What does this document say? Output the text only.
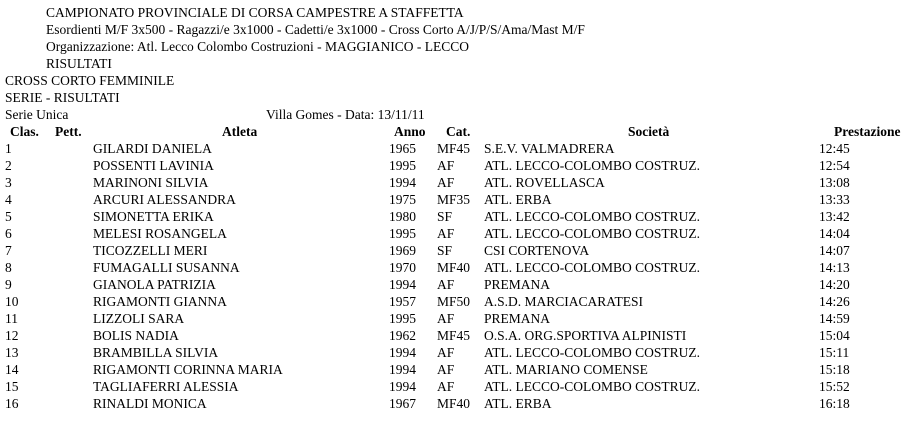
CAMPIONATO PROVINCIALE DI CORSA CAMPESTRE A STAFFETTA
Esordienti M/F 3x500 - Ragazzi/e 3x1000 - Cadetti/e 3x1000 - Cross Corto A/J/P/S/Ama/Mast M/F
Organizzazione: Atl. Lecco Colombo Costruzioni - MAGGIANICO - LECCO
RISULTATI
CROSS CORTO FEMMINILE
SERIE - RISULTATI
Serie Unica	Villa Gomes - Data: 13/11/11
Clas. Pett.	Atleta	Anno Cat.	Società	Prestazione
1	GILARDI DANIELA	1965 MF45 S.E.V. VALMADRERA	12:45
2	POSSENTI LAVINIA	1995 AF ATL. LECCO-COLOMBO COSTRUZ.	12:54
3	MARINONI SILVIA	1994 AF ATL. ROVELLASCA	13:08
4	ARCURI ALESSANDRA	1975 MF35 ATL. ERBA	13:33
5	SIMONETTA ERIKA	1980 SF ATL. LECCO-COLOMBO COSTRUZ.	13:42
6	MELESI ROSANGELA	1995 AF ATL. LECCO-COLOMBO COSTRUZ.	14:04
7	TICOZZELLI MERI	1969 SF CSI CORTENOVA	14:07
8	FUMAGALLI SUSANNA	1970 MF40 ATL. LECCO-COLOMBO COSTRUZ.	14:13
9	GIANOLA PATRIZIA	1994 AF PREMANA	14:20
10	RIGAMONTI GIANNA	1957 MF50 A.S.D. MARCIACARATESI	14:26
11	LIZZOLI SARA	1995 AF PREMANA	14:59
12	BOLIS NADIA	1962 MF45 O.S.A. ORG.SPORTIVA ALPINISTI	15:04
13	BRAMBILLA SILVIA	1994 AF ATL. LECCO-COLOMBO COSTRUZ.	15:11
14	RIGAMONTI CORINNA MARIA	1994 AF ATL. MARIANO COMENSE	15:18
15	TAGLIAFERRI ALESSIA	1994 AF ATL. LECCO-COLOMBO COSTRUZ.	15:52
16	RINALDI MONICA	1967 MF40 ATL. ERBA	16:18
